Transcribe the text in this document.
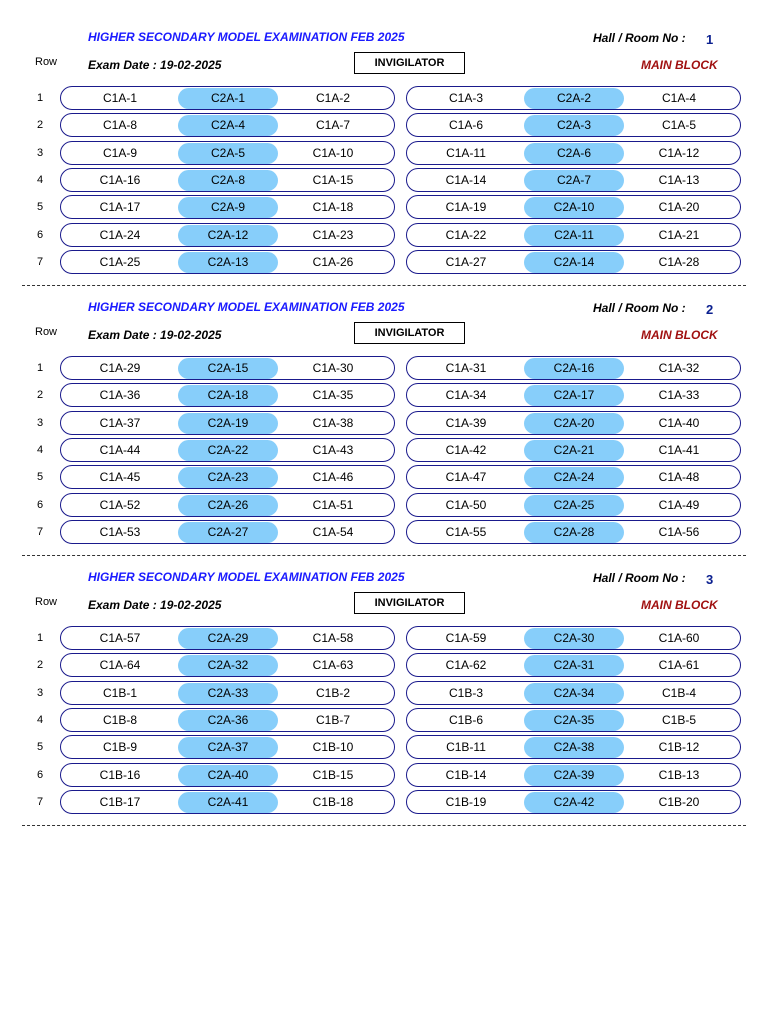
HIGHER SECONDARY MODEL EXAMINATION FEB 2025	Hall / Room No : 1
Row	Exam Date : 19-02-2025	INVIGILATOR	MAIN BLOCK
1	C1A-1	C2A-1	C1A-2	C1A-3	C2A-2	C1A-4
2	C1A-8	C2A-4	C1A-7	C1A-6	C2A-3	C1A-5
3	C1A-9	C2A-5	C1A-10	C1A-11	C2A-6	C1A-12
4	C1A-16	C2A-8	C1A-15	C1A-14	C2A-7	C1A-13
5	C1A-17	C2A-9	C1A-18	C1A-19	C2A-10	C1A-20
6	C1A-24	C2A-12	C1A-23	C1A-22	C2A-11	C1A-21
7	C1A-25	C2A-13	C1A-26	C1A-27	C2A-14	C1A-28
HIGHER SECONDARY MODEL EXAMINATION FEB 2025	Hall / Room No : 2
Row	Exam Date : 19-02-2025	INVIGILATOR	MAIN BLOCK
1	C1A-29	C2A-15	C1A-30	C1A-31	C2A-16	C1A-32
2	C1A-36	C2A-18	C1A-35	C1A-34	C2A-17	C1A-33
3	C1A-37	C2A-19	C1A-38	C1A-39	C2A-20	C1A-40
4	C1A-44	C2A-22	C1A-43	C1A-42	C2A-21	C1A-41
5	C1A-45	C2A-23	C1A-46	C1A-47	C2A-24	C1A-48
6	C1A-52	C2A-26	C1A-51	C1A-50	C2A-25	C1A-49
7	C1A-53	C2A-27	C1A-54	C1A-55	C2A-28	C1A-56
HIGHER SECONDARY MODEL EXAMINATION FEB 2025	Hall / Room No : 3
Row	Exam Date : 19-02-2025	INVIGILATOR	MAIN BLOCK
1	C1A-57	C2A-29	C1A-58	C1A-59	C2A-30	C1A-60
2	C1A-64	C2A-32	C1A-63	C1A-62	C2A-31	C1A-61
3	C1B-1	C2A-33	C1B-2	C1B-3	C2A-34	C1B-4
4	C1B-8	C2A-36	C1B-7	C1B-6	C2A-35	C1B-5
5	C1B-9	C2A-37	C1B-10	C1B-11	C2A-38	C1B-12
6	C1B-16	C2A-40	C1B-15	C1B-14	C2A-39	C1B-13
7	C1B-17	C2A-41	C1B-18	C1B-19	C2A-42	C1B-20
